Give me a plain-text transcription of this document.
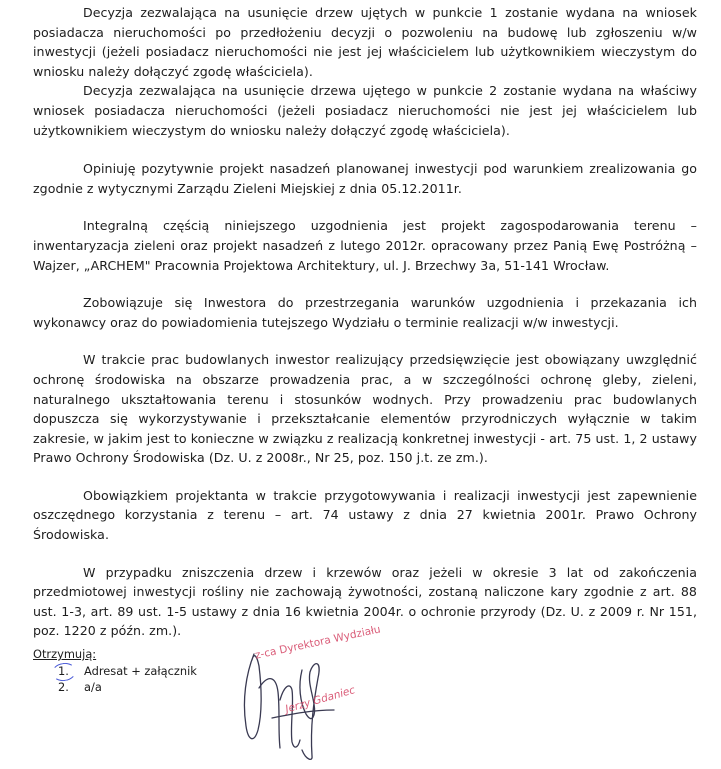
Decyzja zezwalająca na usunięcie drzew ujętych w punkcie 1 zostanie wydana na wniosek posiadacza nieruchomości po przedłożeniu decyzji o pozwoleniu na budowę lub zgłoszeniu w/w inwestycji (jeżeli posiadacz nieruchomości nie jest jej właścicielem lub użytkownikiem wieczystym do wniosku należy dołączyć zgodę właściciela).

Decyzja zezwalająca na usunięcie drzewa ujętego w punkcie 2 zostanie wydana na właściwy wniosek posiadacza nieruchomości (jeżeli posiadacz nieruchomości nie jest jej właścicielem lub użytkownikiem wieczystym do wniosku należy dołączyć zgodę właściciela).

Opiniuję pozytywnie projekt nasadzeń planowanej inwestycji pod warunkiem zrealizowania go zgodnie z wytycznymi Zarządu Zieleni Miejskiej z dnia 05.12.2011r.

Integralną częścią niniejszego uzgodnienia jest projekt zagospodarowania terenu – inwentaryzacja zieleni oraz projekt nasadzeń z lutego 2012r. opracowany przez Panią Ewę Postróżną – Wajzer, „ARCHEM" Pracownia Projektowa Architektury, ul. J. Brzechwy 3a, 51-141 Wrocław.

Zobowiązuje się Inwestora do przestrzegania warunków uzgodnienia i przekazania ich wykonawcy oraz do powiadomienia tutejszego Wydziału o terminie realizacji w/w inwestycji.

W trakcie prac budowlanych inwestor realizujący przedsięwzięcie jest obowiązany uwzględnić ochronę środowiska na obszarze prowadzenia prac, a w szczególności ochronę gleby, zieleni, naturalnego ukształtowania terenu i stosunków wodnych. Przy prowadzeniu prac budowlanych dopuszcza się wykorzystywanie i przekształcanie elementów przyrodniczych wyłącznie w takim zakresie, w jakim jest to konieczne w związku z realizacją konkretnej inwestycji - art. 75 ust. 1, 2 ustawy Prawo Ochrony Środowiska (Dz. U. z 2008r., Nr 25, poz. 150 j.t. ze zm.).

Obowiązkiem projektanta w trakcie przygotowywania i realizacji inwestycji jest zapewnienie oszczędnego korzystania z terenu – art. 74 ustawy z dnia 27 kwietnia 2001r. Prawo Ochrony Środowiska.

W przypadku zniszczenia drzew i krzewów oraz jeżeli w okresie 3 lat od zakończenia przedmiotowej inwestycji rośliny nie zachowają żywotności, zostaną naliczone kary zgodnie z art. 88 ust. 1-3, art. 89 ust. 1-5 ustawy z dnia 16 kwietnia 2004r. o ochronie przyrody (Dz. U. z 2009 r. Nr 151, poz. 1220 z późn. zm.).

Otrzymują:

1.	Adresat + załącznik
2.	a/a
z-ca Dyrektora Wydziału
Jerzy Gdaniec
